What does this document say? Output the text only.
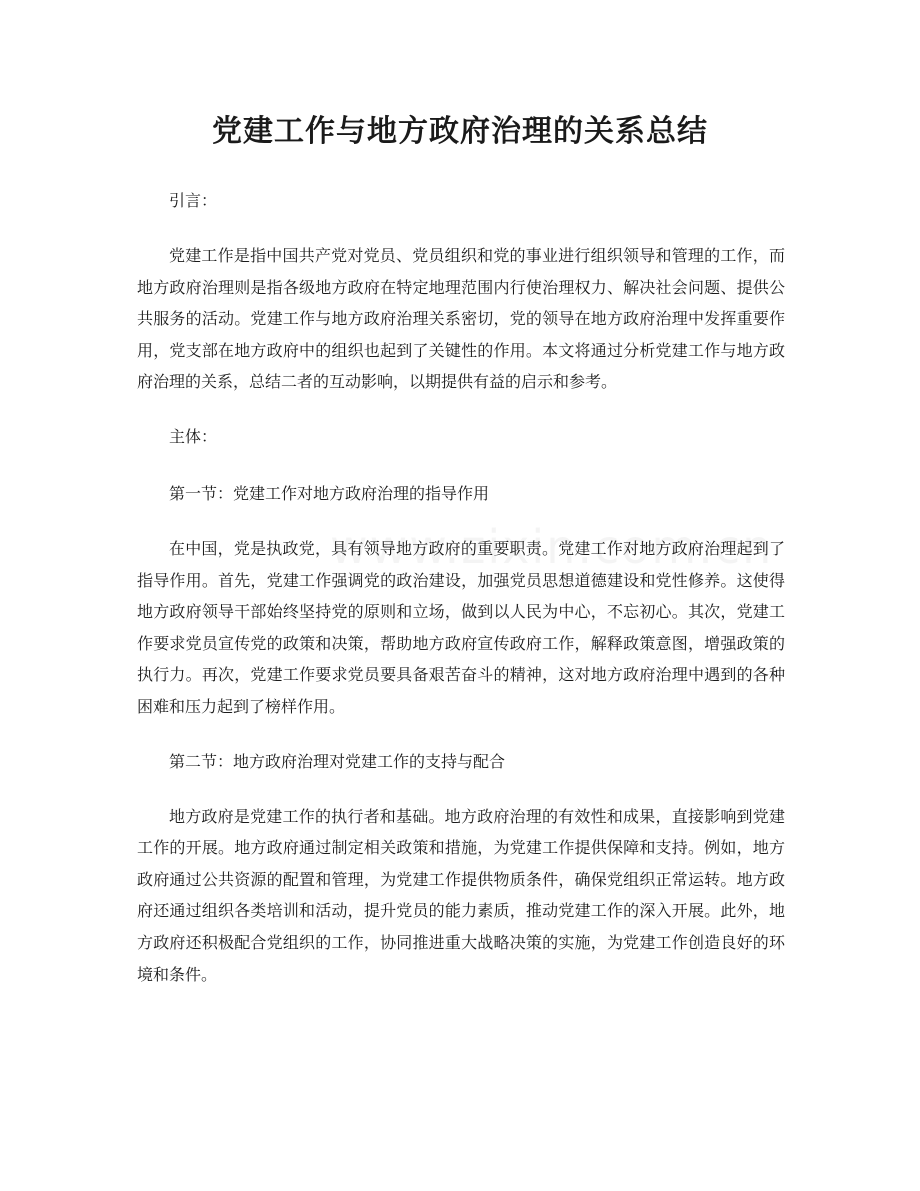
党建工作与地方政府治理的关系总结

引言：

党建工作是指中国共产党对党员、党员组织和党的事业进行组织领导和管理的工作，而地方政府治理则是指各级地方政府在特定地理范围内行使治理权力、解决社会问题、提供公共服务的活动。党建工作与地方政府治理关系密切，党的领导在地方政府治理中发挥重要作用，党支部在地方政府中的组织也起到了关键性的作用。本文将通过分析党建工作与地方政府治理的关系，总结二者的互动影响，以期提供有益的启示和参考。

主体：

第一节：党建工作对地方政府治理的指导作用

在中国，党是执政党，具有领导地方政府的重要职责。党建工作对地方政府治理起到了指导作用。首先，党建工作强调党的政治建设，加强党员思想道德建设和党性修养。这使得地方政府领导干部始终坚持党的原则和立场，做到以人民为中心，不忘初心。其次，党建工作要求党员宣传党的政策和决策，帮助地方政府宣传政府工作，解释政策意图，增强政策的执行力。再次，党建工作要求党员要具备艰苦奋斗的精神，这对地方政府治理中遇到的各种困难和压力起到了榜样作用。

第二节：地方政府治理对党建工作的支持与配合

地方政府是党建工作的执行者和基础。地方政府治理的有效性和成果，直接影响到党建工作的开展。地方政府通过制定相关政策和措施，为党建工作提供保障和支持。例如，地方政府通过公共资源的配置和管理，为党建工作提供物质条件，确保党组织正常运转。地方政府还通过组织各类培训和活动，提升党员的能力素质，推动党建工作的深入开展。此外，地方政府还积极配合党组织的工作，协同推进重大战略决策的实施，为党建工作创造良好的环境和条件。
